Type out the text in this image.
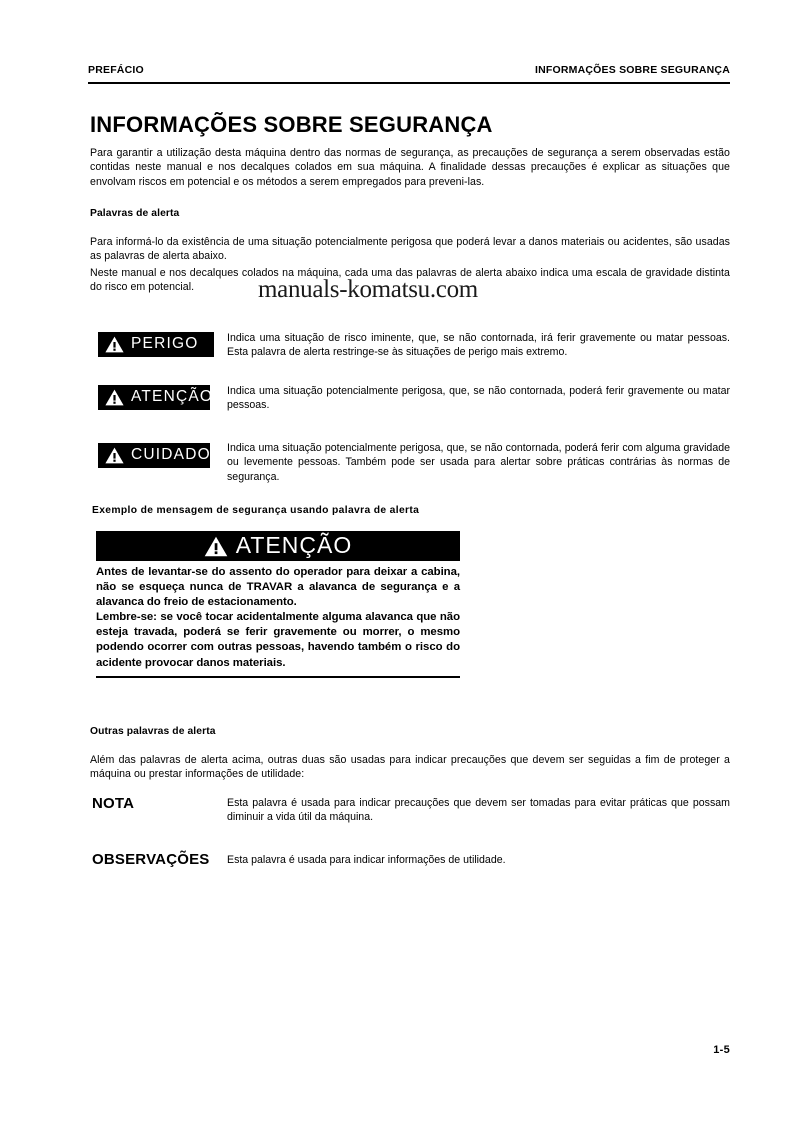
PREFÁCIO	INFORMAÇÕES SOBRE SEGURANÇA
INFORMAÇÕES SOBRE SEGURANÇA
Para garantir a utilização desta máquina dentro das normas de segurança, as precauções de segurança a serem observadas estão contidas neste manual e nos decalques colados em sua máquina. A finalidade dessas precauções é explicar as situações que envolvam riscos em potencial e os métodos a serem empregados para preveni-las.
Palavras de alerta
Para informá-lo da existência de uma situação potencialmente perigosa que poderá levar a danos materiais ou acidentes, são usadas as palavras de alerta abaixo.
Neste manual e nos decalques colados na máquina, cada uma das palavras de alerta abaixo indica uma escala de gravidade distinta do risco em potencial.	manuals-komatsu.com
PERIGO	Indica uma situação de risco iminente, que, se não contornada, irá ferir gravemente ou matar pessoas. Esta palavra de alerta restringe-se às situações de perigo mais extremo.
ATENÇÃO Indica uma situação potencialmente perigosa, que, se não contornada, poderá ferir gravemente ou matar pessoas.
CUIDADO Indica uma situação potencialmente perigosa, que, se não contornada, poderá ferir com alguma gravidade ou levemente pessoas. Também pode ser usada para alertar sobre práticas contrárias às normas de segurança.
Exemplo de mensagem de segurança usando palavra de alerta
ATENÇÃO

Antes de levantar-se do assento do operador para deixar a cabina, não se esqueça nunca de TRAVAR a alavanca de segurança e a alavanca do freio de estacionamento.

Lembre-se: se você tocar acidentalmente alguma alavanca que não esteja travada, poderá se ferir gravemente ou morrer, o mesmo podendo ocorrer com outras pessoas, havendo também o risco do acidente provocar danos materiais.

Outras palavras de alerta
Além das palavras de alerta acima, outras duas são usadas para indicar precauções que devem ser seguidas a fim de proteger a máquina ou prestar informações de utilidade:
NOTA	Esta palavra é usada para indicar precauções que devem ser tomadas para evitar práticas que possam diminuir a vida útil da máquina.
OBSERVAÇÕES Esta palavra é usada para indicar informações de utilidade.
1-5
